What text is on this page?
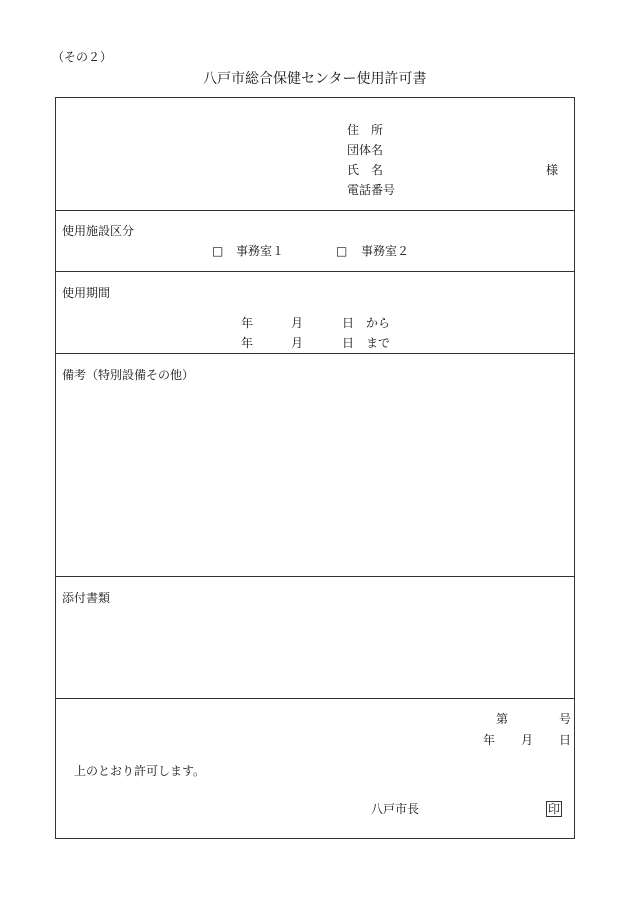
（その２）
八戸市総合保健センター使用許可書
住　所
団体名
氏　名	様
電話番号
使用施設区分
□ 事務室１	□ 事務室２
使用期間
年	月	日 から
年	月	日 まで
備考（特別設備その他）
添付書類
第	号
年 月 日
上のとおり許可します。
八戸市長	印
